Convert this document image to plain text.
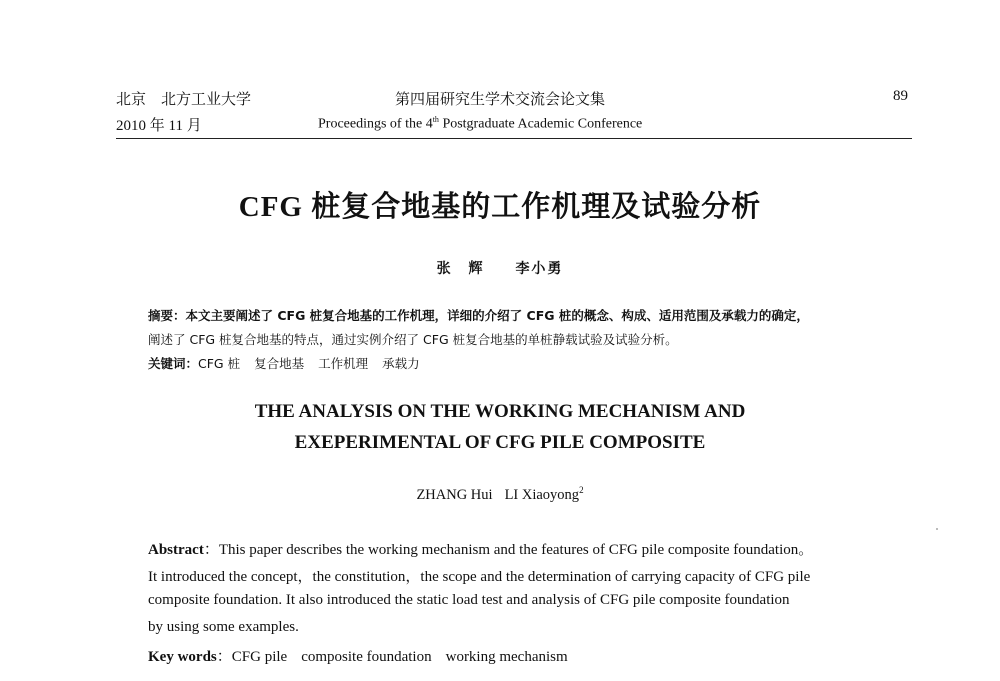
北京　北方工业大学
2010 年 11 月
第四届研究生学术交流会论文集
Proceedings of the 4th Postgraduate Academic Conference
89
CFG 桩复合地基的工作机理及试验分析
张　辉 李小勇
摘要：本文主要阐述了 CFG 桩复合地基的工作机理，详细的介绍了 CFG 桩的概念、构成、适用范围及承载力的确定，
阐述了 CFG 桩复合地基的特点，通过实例介绍了 CFG 桩复合地基的单桩静载试验及试验分析。
关键词：CFG 桩 复合地基 工作机理 承载力
THE ANALYSIS ON THE WORKING MECHANISM AND
EXEPERIMENTAL OF CFG PILE COMPOSITE
ZHANG Hui LI Xiaoyong$^2$
Abstract：This paper describes the working mechanism and the features of CFG pile composite foundation。
It introduced the concept，the constitution，the scope and the determination of carrying capacity of CFG pile
composite foundation. It also introduced the static load test and analysis of CFG pile composite foundation
by using some examples.
Key words：CFG pile composite foundation working mechanism
